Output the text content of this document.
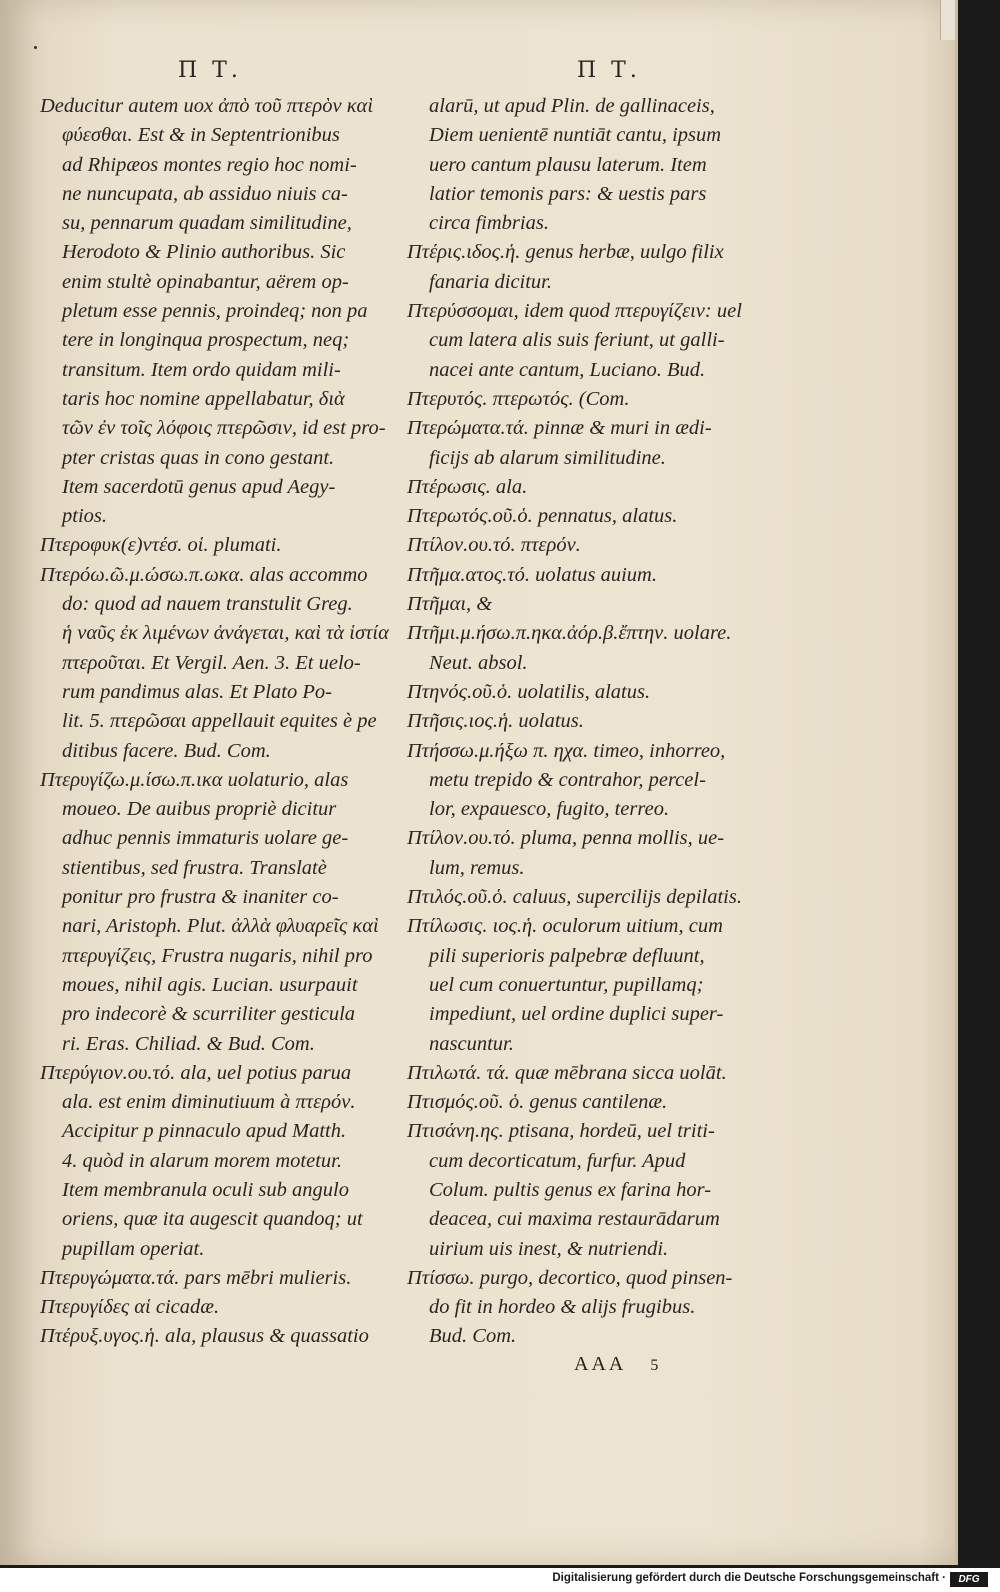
Π Τ.	Π Τ.
Deducitur autem uox ἀπὸ τοῦ πτερὸν καὶ
φύεσθαι. Est & in Septentrionibus
ad Rhipæos montes regio hoc nomi-
ne nuncupata, ab assiduo niuis ca-
su, pennarum quadam similitudine,
Herodoto & Plinio authoribus. Sic
enim stultè opinabantur, aërem op-
pletum esse pennis, proindeq; non pa
tere in longinqua prospectum, neq;
transitum. Item ordo quidam mili-
taris hoc nomine appellabatur, διὰ
τῶν ἐν τοῖς λόφοις πτερῶσιν, id est pro-
pter cristas quas in cono gestant.
Item sacerdotū genus apud Aegy-
ptios.
Πτεροφυκ(ε)ντέσ. οἱ. plumati.
Πτερόω.ῶ.μ.ώσω.π.ωκα. alas accommo
do: quod ad nauem transtulit Greg.
ἡ ναῦς ἐκ λιμένων ἀνάγεται, καὶ τὰ ἱστία
πτεροῦται. Et Vergil. Aen. 3. Et uelo-
rum pandimus alas. Et Plato Po-
lit. 5. πτερῶσαι appellauit equites è pe
ditibus facere. Bud. Com.
Πτερυγίζω.μ.ίσω.π.ικα uolaturio, alas
moueo. De auibus propriè dicitur
adhuc pennis immaturis uolare ge-
stientibus, sed frustra. Translatè
ponitur pro frustra & inaniter co-
nari, Aristoph. Plut. ἀλλὰ φλυαρεῖς καὶ
πτερυγίζεις, Frustra nugaris, nihil pro
moues, nihil agis. Lucian. usurpauit
pro indecorè & scurriliter gesticula
ri. Eras. Chiliad. & Bud. Com.
Πτερύγιον.ου.τό. ala, uel potius parua
ala. est enim diminutiuum à πτερόν.
Accipitur p pinnaculo apud Matth.
4. quòd in alarum morem motetur.
Item membranula oculi sub angulo
oriens, quæ ita augescit quandoq; ut
pupillam operiat.
Πτερυγώματα.τά. pars mēbri mulieris.
Πτερυγίδες αἱ cicadæ.
Πτέρυξ.υγος.ἡ. ala, plausus & quassatio
alarū, ut apud Plin. de gallinaceis,
Diem uenientē nuntiāt cantu, ipsum
uero cantum plausu laterum. Item
latior temonis pars: & uestis pars
circa fimbrias.
Πτέρις.ιδος.ἡ. genus herbæ, uulgo filix
fanaria dicitur.
Πτερύσσομαι, idem quod πτερυγίζειν: uel
cum latera alis suis feriunt, ut galli-
nacei ante cantum, Luciano. Bud.
Πτερυτός. πτερωτός. (Com.
Πτερώματα.τά. pinnæ & muri in ædi-
ficijs ab alarum similitudine.
Πτέρωσις. ala.
Πτερωτός.οῦ.ὁ. pennatus, alatus.
Πτίλον.ου.τό. πτερόν.
Πτῆμα.ατος.τό. uolatus auium.
Πτῆμαι, &
Πτῆμι.μ.ήσω.π.ηκα.ἀόρ.β.ἔπτην. uolare.
Neut. absol.
Πτηνός.οῦ.ὁ. uolatilis, alatus.
Πτῆσις.ιος.ἡ. uolatus.
Πτήσσω.μ.ήξω π. ηχα. timeo, inhorreo,
metu trepido & contrahor, percel-
lor, expauesco, fugito, terreo.
Πτίλον.ου.τό. pluma, penna mollis, ue-
lum, remus.
Πτιλός.οῦ.ὁ. caluus, supercilijs depilatis.
Πτίλωσις. ιος.ἡ. oculorum uitium, cum
pili superioris palpebræ defluunt,
uel cum conuertuntur, pupillamq;
impediunt, uel ordine duplici super-
nascuntur.
Πτιλωτά. τά. quæ mēbrana sicca uolāt.
Πτισμός.οῦ. ὁ. genus cantilenæ.
Πτισάνη.ης. ptisana, hordeū, uel triti-
cum decorticatum, furfur. Apud
Colum. pultis genus ex farina hor-
deacea, cui maxima restaurādarum
uirium uis inest, & nutriendi.
Πτίσσω. purgo, decortico, quod pinsen-
do fit in hordeo & alijs frugibus.
Bud. Com.
AAA 5
Digitalisierung gefördert durch die Deutsche Forschungsgemeinschaft ·	DFG
